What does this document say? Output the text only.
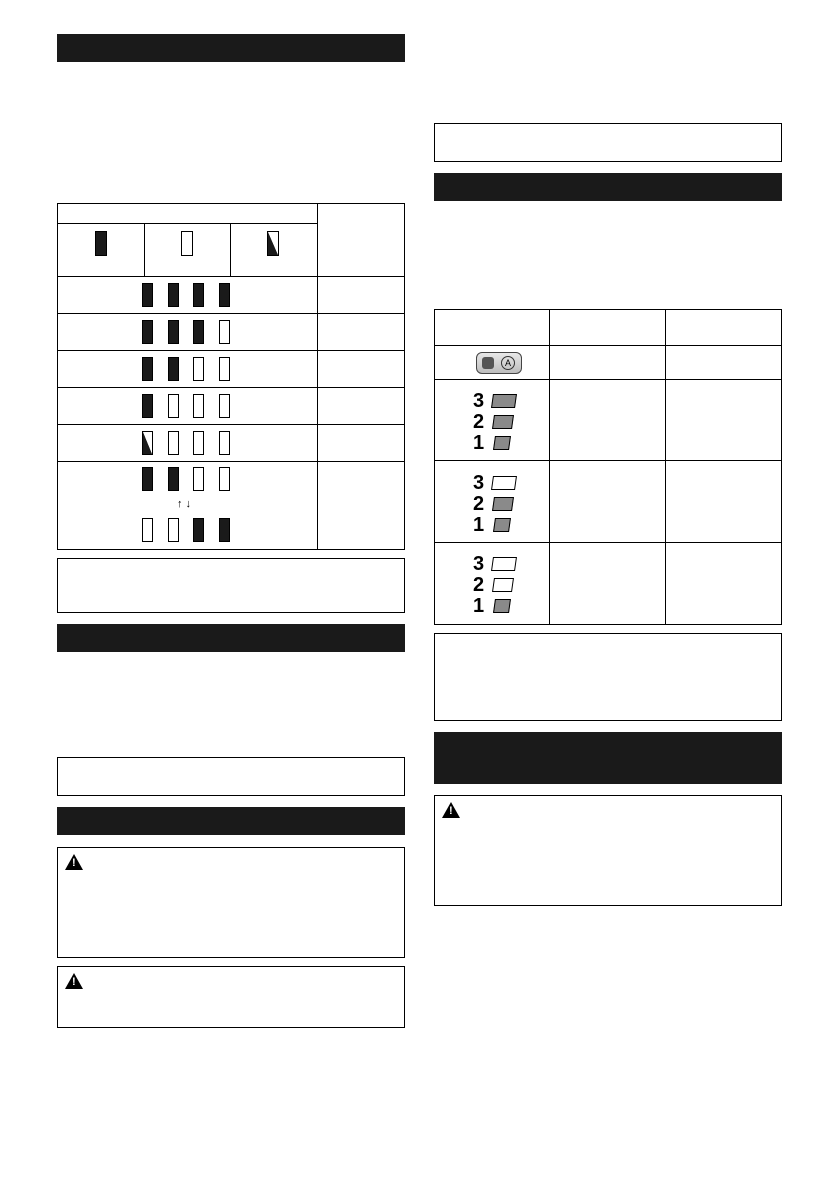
↑ ↓
!
!
A
3
2
1
3
2
1
3
2
1
!
